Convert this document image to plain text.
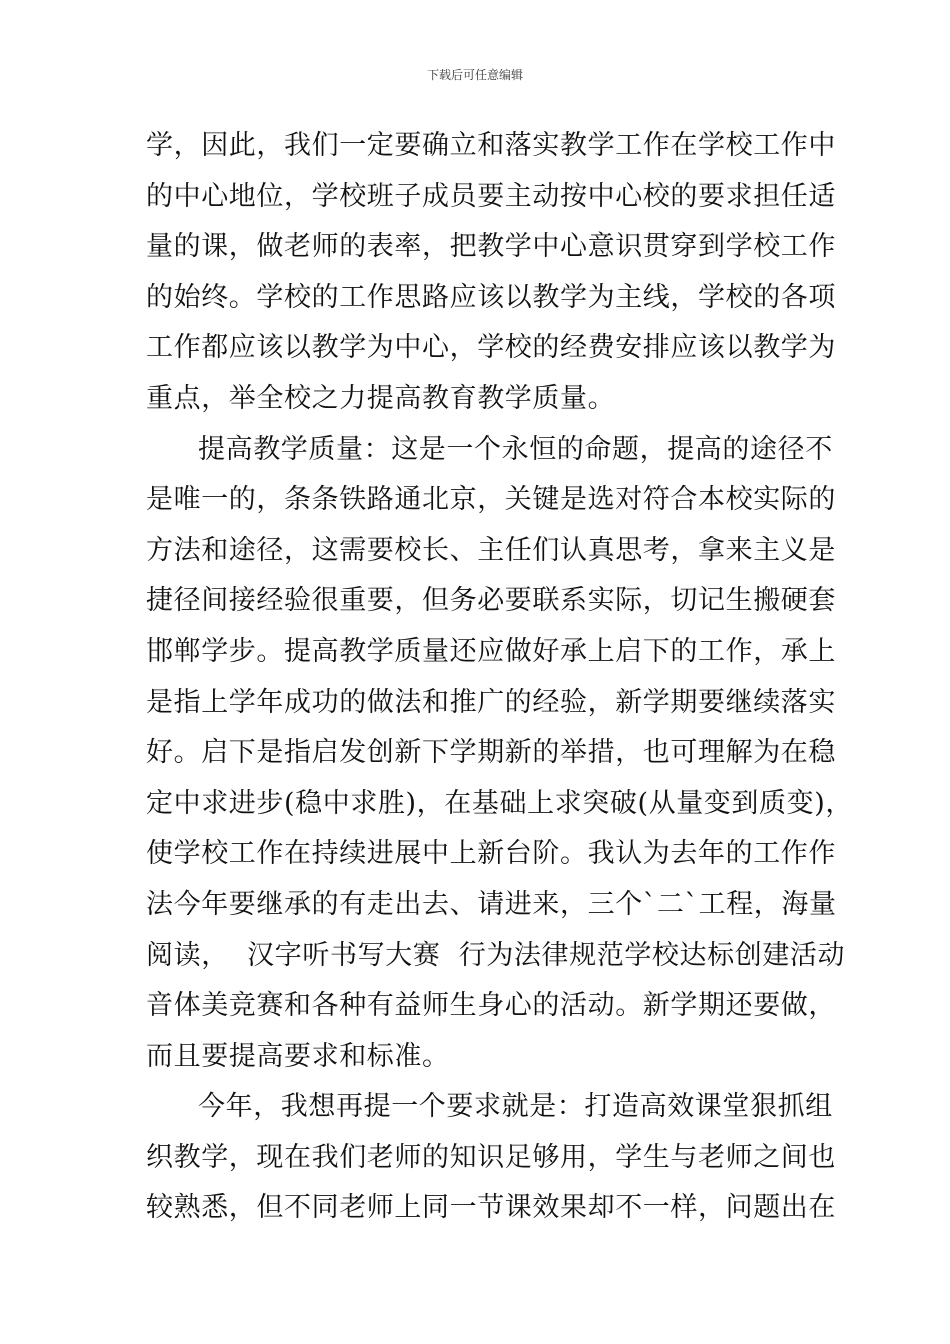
下载后可任意编辑
学，因此，我们一定要确立和落实教学工作在学校工作中
的中心地位，学校班子成员要主动按中心校的要求担任适
量的课，做老师的表率，把教学中心意识贯穿到学校工作
的始终。学校的工作思路应该以教学为主线，学校的各项
工作都应该以教学为中心，学校的经费安排应该以教学为
重点，举全校之力提高教育教学质量。
提高教学质量：这是一个永恒的命题，提高的途径不
是唯一的，条条铁路通北京，关键是选对符合本校实际的
方法和途径，这需要校长、主任们认真思考，拿来主义是
捷径间接经验很重要，但务必要联系实际，切记生搬硬套
邯郸学步。提高教学质量还应做好承上启下的工作，承上
是指上学年成功的做法和推广的经验，新学期要继续落实
好。启下是指启发创新下学期新的举措，也可理解为在稳
定中求进步(稳中求胜)，在基础上求突破(从量变到质变)，
使学校工作在持续进展中上新台阶。我认为去年的工作作
法今年要继承的有走出去、请进来，三个`二`工程，海量
阅读，  汉字听书写大赛  行为法律规范学校达标创建活动
音体美竞赛和各种有益师生身心的活动。新学期还要做，
而且要提高要求和标准。
今年，我想再提一个要求就是：打造高效课堂狠抓组
织教学，现在我们老师的知识足够用，学生与老师之间也
较熟悉，但不同老师上同一节课效果却不一样，问题出在
